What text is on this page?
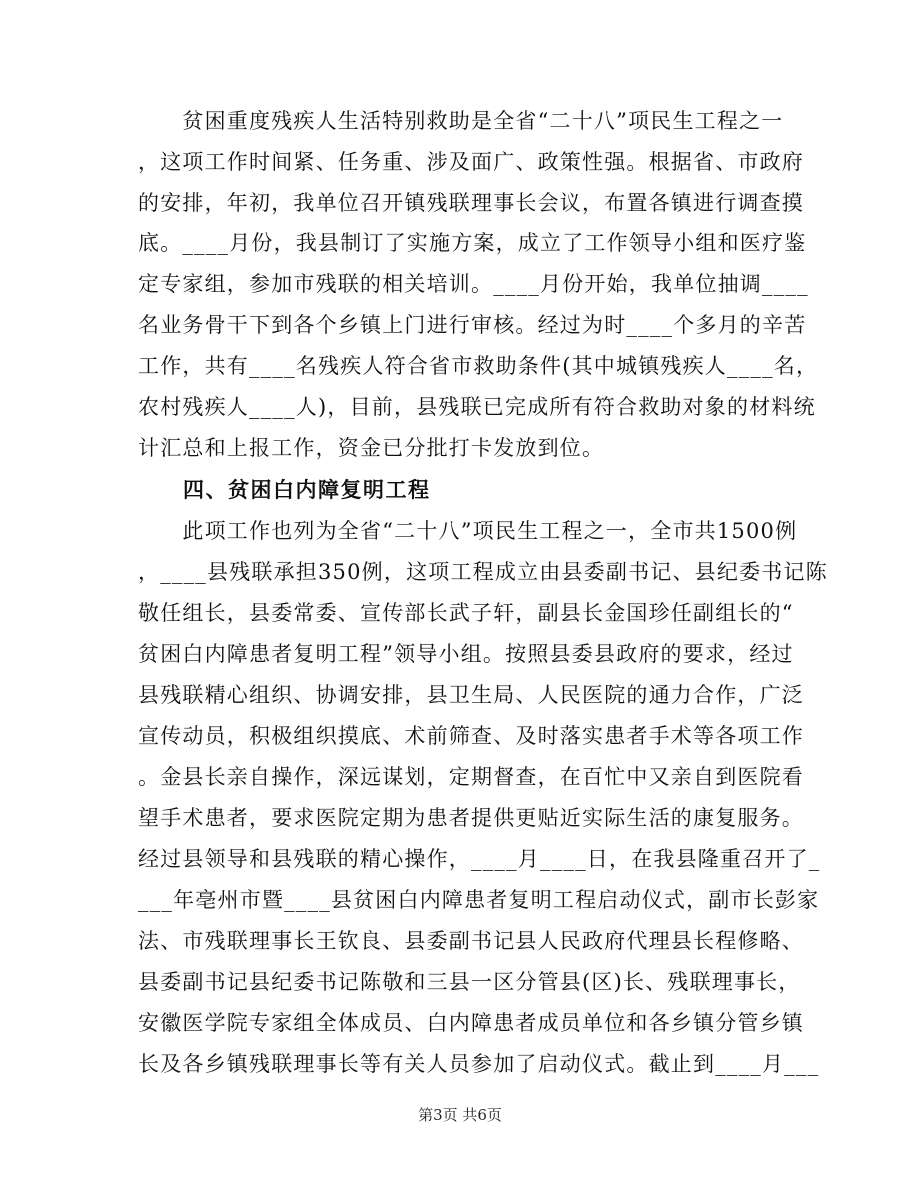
　　贫困重度残疾人生活特别救助是全省“二十八”项民生工程之一
，这项工作时间紧、任务重、涉及面广、政策性强。根据省、市政府
的安排，年初，我单位召开镇残联理事长会议，布置各镇进行调查摸
底。____月份，我县制订了实施方案，成立了工作领导小组和医疗鉴
定专家组，参加市残联的相关培训。____月份开始，我单位抽调____
名业务骨干下到各个乡镇上门进行审核。经过为时____个多月的辛苦
工作，共有____名残疾人符合省市救助条件(其中城镇残疾人____名，
农村残疾人____人)，目前，县残联已完成所有符合救助对象的材料统
计汇总和上报工作，资金已分批打卡发放到位。
　　四、贫困白内障复明工程
　　此项工作也列为全省“二十八”项民生工程之一，全市共1500例
，____县残联承担350例，这项工程成立由县委副书记、县纪委书记陈
敬任组长，县委常委、宣传部长武子轩，副县长金国珍任副组长的“
贫困白内障患者复明工程”领导小组。按照县委县政府的要求，经过
县残联精心组织、协调安排，县卫生局、人民医院的通力合作，广泛
宣传动员，积极组织摸底、术前筛查、及时落实患者手术等各项工作
。金县长亲自操作，深远谋划，定期督查，在百忙中又亲自到医院看
望手术患者，要求医院定期为患者提供更贴近实际生活的康复服务。
经过县领导和县残联的精心操作，____月____日，在我县隆重召开了_
___年亳州市暨____县贫困白内障患者复明工程启动仪式，副市长彭家
法、市残联理事长王钦良、县委副书记县人民政府代理县长程修略、
县委副书记县纪委书记陈敬和三县一区分管县(区)长、残联理事长，
安徽医学院专家组全体成员、白内障患者成员单位和各乡镇分管乡镇
长及各乡镇残联理事长等有关人员参加了启动仪式。截止到____月___
第3页 共6页
